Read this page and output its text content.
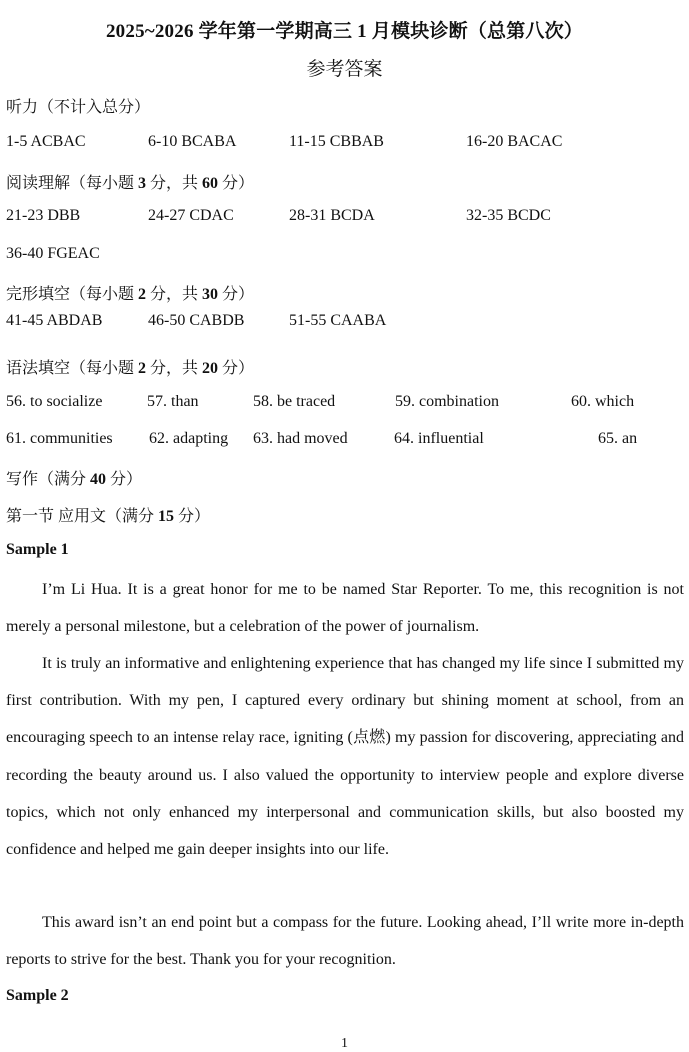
2025~2026 学年第一学期高三 1 月模块诊断（总第八次）
参考答案
听力（不计入总分）
1-5 ACBAC	6-10 BCABA	11-15 CBBAB	16-20 BACAC
阅读理解（每小题 3 分，共 60 分）
21-23 DBB	24-27 CDAC	28-31 BCDA	32-35 BCDC
36-40 FGEAC
完形填空（每小题 2 分，共 30 分）
41-45 ABDAB	46-50 CABDB	51-55 CAABA
语法填空（每小题 2 分，共 20 分）
56. to socialize	57. than	58. be traced	59. combination	60. which
61. communities 62. adapting 63. had moved	64. influential	65. an
写作（满分 40 分）
第一节 应用文（满分 15 分）
Sample 1

I’m Li Hua. It is a great honor for me to be named Star Reporter. To me, this recognition is not merely a personal milestone, but a celebration of the power of journalism.

It is truly an informative and enlightening experience that has changed my life since I submitted my first contribution. With my pen, I captured every ordinary but shining moment at school, from an encouraging speech to an intense relay race, igniting (点燃) my passion for discovering, appreciating and recording the beauty around us. I also valued the opportunity to interview people and explore diverse topics, which not only enhanced my interpersonal and communication skills, but also boosted my confidence and helped me gain deeper insights into our life.

This award isn’t an end point but a compass for the future. Looking ahead, I’ll write more in-depth reports to strive for the best. Thank you for your recognition.

Sample 2
1
